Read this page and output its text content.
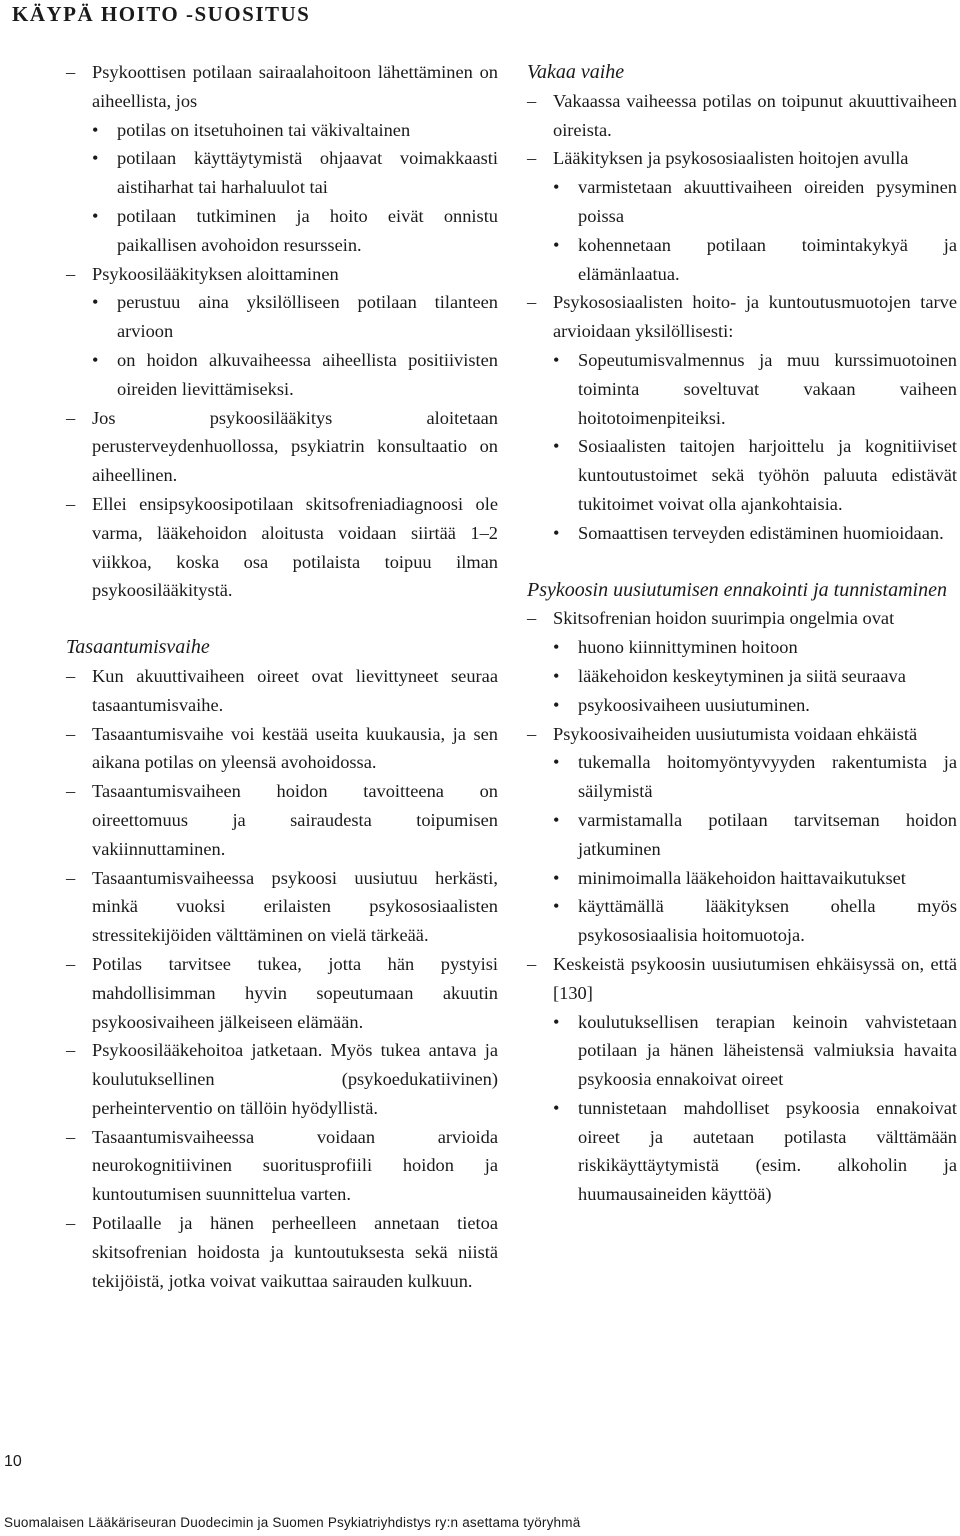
KÄYPÄ HOITO -SUOSITUS
– Psykoottisen potilaan sairaalahoitoon lähettäminen on aiheellista, jos
• potilas on itsetuhoinen tai väkivaltainen
• potilaan käyttäytymistä ohjaavat voimakkaasti aistiharhat tai harhaluulot tai
• potilaan tutkiminen ja hoito eivät onnistu paikallisen avohoidon resurssein.
– Psykoosilääkityksen aloittaminen
• perustuu aina yksilölliseen potilaan tilanteen arvioon
• on hoidon alkuvaiheessa aiheellista positiivisten oireiden lievittämiseksi.
– Jos psykoosilääkitys aloitetaan perusterveydenhuollossa, psykiatrin konsultaatio on aiheellinen.
– Ellei ensipsykoosipotilaan skitsofreniadiagnoosi ole varma, lääkehoidon aloitusta voidaan siirtää 1–2 viikkoa, koska osa potilaista toipuu ilman psykoosilääkitystä.
Tasaantumisvaihe
– Kun akuuttivaiheen oireet ovat lievittyneet seuraa tasaantumisvaihe.
– Tasaantumisvaihe voi kestää useita kuukausia, ja sen aikana potilas on yleensä avohoidossa.
– Tasaantumisvaiheen hoidon tavoitteena on oireettomuus ja sairaudesta toipumisen vakiinnuttaminen.
– Tasaantumisvaiheessa psykoosi uusiutuu herkästi, minkä vuoksi erilaisten psykososiaalisten stressitekijöiden välttäminen on vielä tärkeää.
– Potilas tarvitsee tukea, jotta hän pystyisi mahdollisimman hyvin sopeutumaan akuutin psykoosivaiheen jälkeiseen elämään.
– Psykoosilääkehoitoa jatketaan. Myös tukea antava ja koulutuksellinen (psykoedukatiivinen) perheinterventio on tällöin hyödyllistä.
– Tasaantumisvaiheessa voidaan arvioida neurokognitiivinen suoritusprofiili hoidon ja kuntoutumisen suunnittelua varten.
– Potilaalle ja hänen perheelleen annetaan tietoa skitsofrenian hoidosta ja kuntoutuksesta sekä niistä tekijöistä, jotka voivat vaikuttaa sairauden kulkuun.
Vakaa vaihe
– Vakaassa vaiheessa potilas on toipunut akuuttivaiheen oireista.
– Lääkityksen ja psykososiaalisten hoitojen avulla
• varmistetaan akuuttivaiheen oireiden pysyminen poissa
• kohennetaan potilaan toimintakykyä ja elämänlaatua.
– Psykososiaalisten hoito- ja kuntoutusmuotojen tarve arvioidaan yksilöllisesti:
• Sopeutumisvalmennus ja muu kurssimuotoinen toiminta soveltuvat vakaan vaiheen hoitotoimenpiteiksi.
• Sosiaalisten taitojen harjoittelu ja kognitiiviset kuntoutustoimet sekä työhön paluuta edistävät tukitoimet voivat olla ajankohtaisia.
• Somaattisen terveyden edistäminen huomioidaan.
Psykoosin uusiutumisen ennakointi ja tunnistaminen
– Skitsofrenian hoidon suurimpia ongelmia ovat
• huono kiinnittyminen hoitoon
• lääkehoidon keskeytyminen ja siitä seuraava
• psykoosivaiheen uusiutuminen.
– Psykoosivaiheiden uusiutumista voidaan ehkäistä
• tukemalla hoitomyöntyvyyden rakentumista ja säilymistä
• varmistamalla potilaan tarvitseman hoidon jatkuminen
• minimoimalla lääkehoidon haittavaikutukset
• käyttämällä lääkityksen ohella myös psykososiaalisia hoitomuotoja.
– Keskeistä psykoosin uusiutumisen ehkäisyssä on, että [130]
• koulutuksellisen terapian keinoin vahvistetaan potilaan ja hänen läheistensä valmiuksia havaita psykoosia ennakoivat oireet
• tunnistetaan mahdolliset psykoosia ennakoivat oireet ja autetaan potilasta välttämään riskikäyttäytymistä (esim. alkoholin ja huumausaineiden käyttöä)
10
Suomalaisen Lääkäriseuran Duodecimin ja Suomen Psykiatriyhdistys ry:n asettama työryhmä
